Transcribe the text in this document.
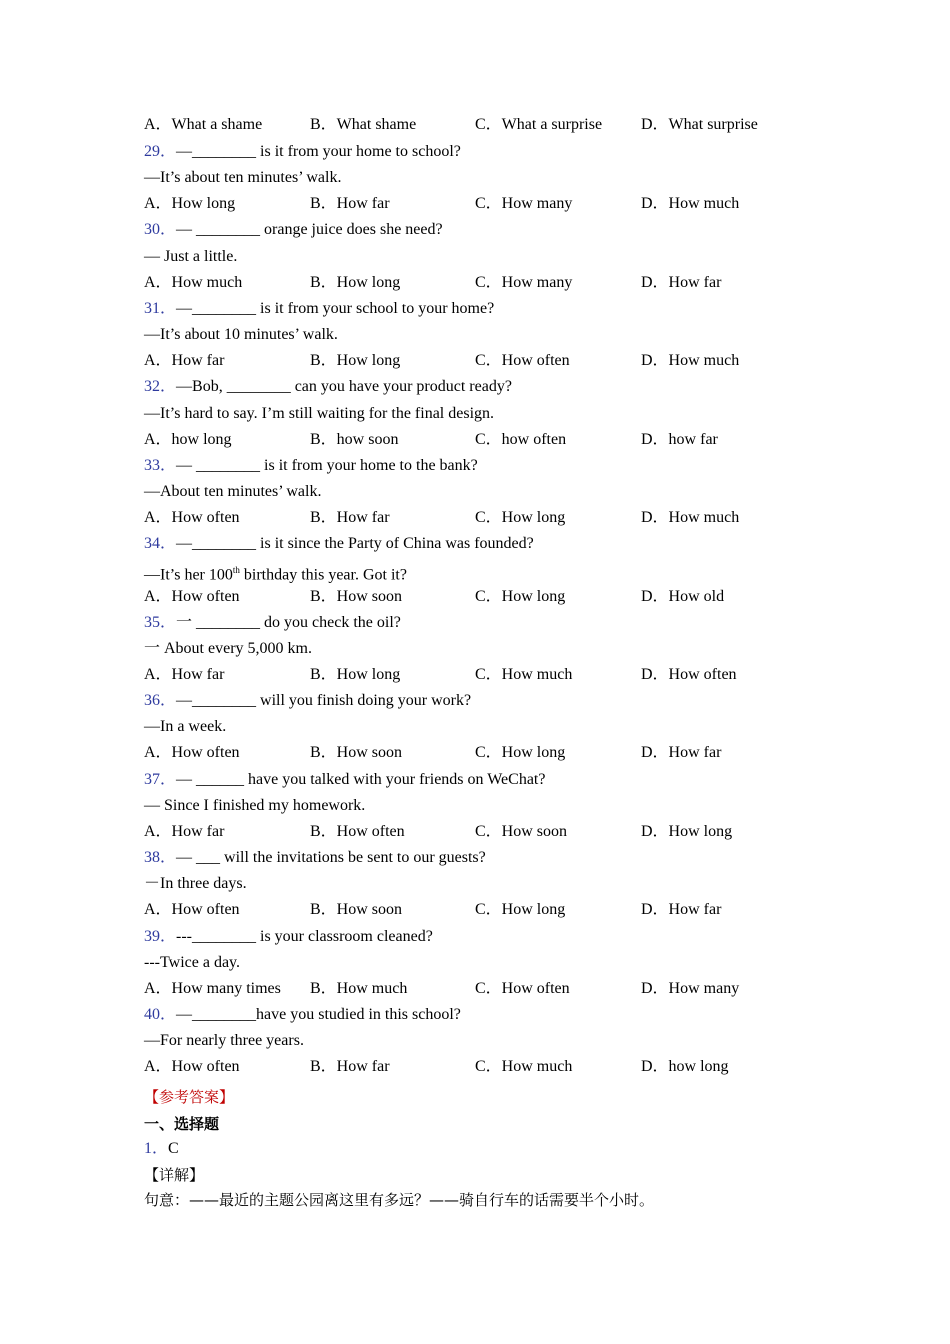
A．What a shame	B．What shame	C．What a surprise D．What surprise
29．—________ is it from your home to school?
—It’s about ten minutes’ walk.
A．How long	B．How far	C．How many	D．How much
30．— ________ orange juice does she need?
— Just a little.
A．How much	B．How long	C．How many	D．How far
31．—________ is it from your school to your home?
—It’s about 10 minutes’ walk.
A．How far	B．How long	C．How often	D．How much
32．—Bob, ________ can you have your product ready?
—It’s hard to say. I’m still waiting for the final design.
A．how long	B．how soon	C．how often	D．how far
33．— ________ is it from your home to the bank?
—About ten minutes’ walk.
A．How often	B．How far	C．How long	D．How much
34．—________ is it since the Party of China was founded?
—It’s her 100th birthday this year. Got it?
A．How often	B．How soon	C．How long	D．How old
35．一 ________ do you check the oil?
一 About every 5,000 km.
A．How far	B．How long	C．How much	D．How often
36．—________ will you finish doing your work?
—In a week.
A．How often	B．How soon	C．How long	D．How far
37．— ______ have you talked with your friends on WeChat?
— Since I finished my homework.
A．How far	B．How often	C．How soon	D．How long
38．— ___ will the invitations be sent to our guests?
－In three days.
A．How often	B．How soon	C．How long	D．How far
39．---________ is your classroom cleaned?
---Twice a day.
A．How many times B．How much	C．How often	D．How many
40．—________have you studied in this school?
—For nearly three years.
A．How often	B．How far	C．How much	D．how long
【参考答案】
一、选择题
1．C
【详解】
句意：——最近的主题公园离这里有多远？——骑自行车的话需要半个小时。
